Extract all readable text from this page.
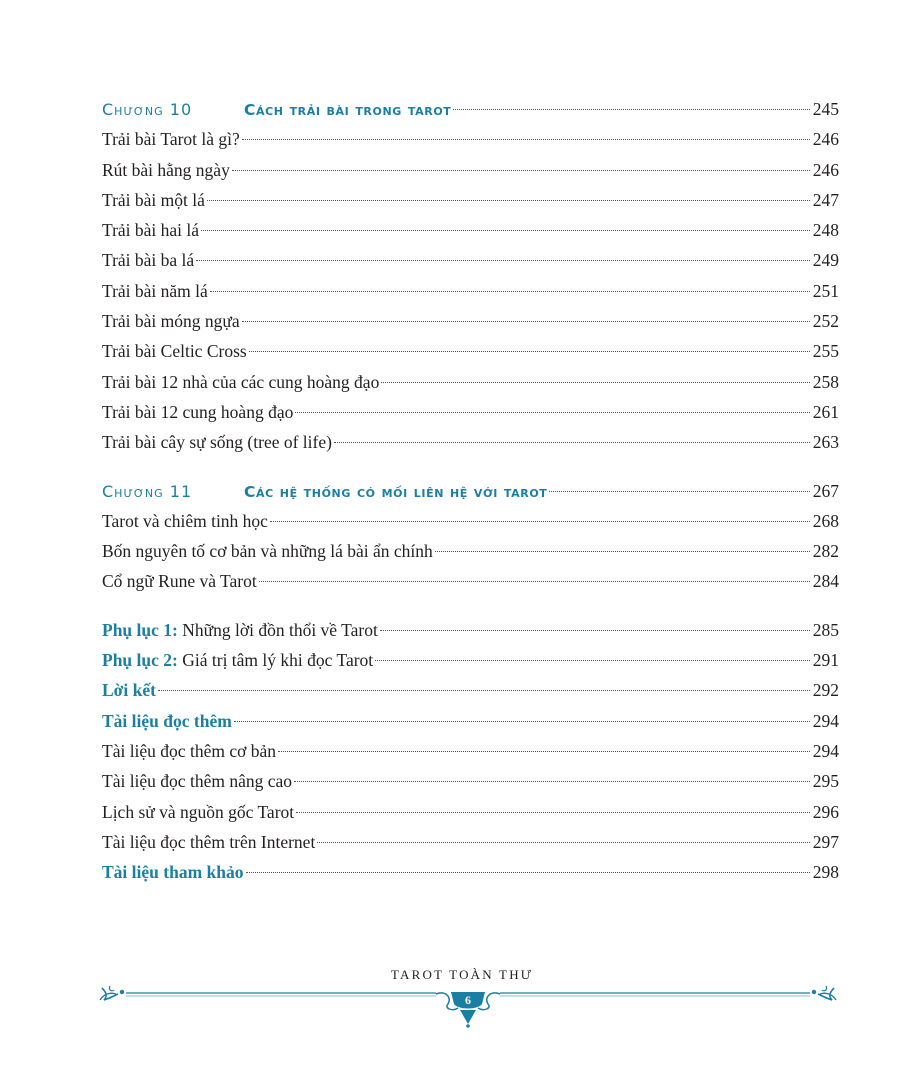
Chương 10	Cách trải bài trong tarot	245
Trải bài Tarot là gì?	246
Rút bài hằng ngày	246
Trải bài một lá	247
Trải bài hai lá	248
Trải bài ba lá	249
Trải bài năm lá	251
Trải bài móng ngựa	252
Trải bài Celtic Cross	255
Trải bài 12 nhà của các cung hoàng đạo	258
Trải bài 12 cung hoàng đạo	261
Trải bài cây sự sống (tree of life)	263
Chương 11	Các hệ thống có mối liên hệ với tarot	267
Tarot và chiêm tinh học	268
Bốn nguyên tố cơ bản và những lá bài ẩn chính	282
Cổ ngữ Rune và Tarot	284
Phụ lục 1: Những lời đồn thổi về Tarot	285
Phụ lục 2: Giá trị tâm lý khi đọc Tarot	291
Lời kết	292
Tài liệu đọc thêm	294
Tài liệu đọc thêm cơ bản	294
Tài liệu đọc thêm nâng cao	295
Lịch sử và nguồn gốc Tarot	296
Tài liệu đọc thêm trên Internet	297
Tài liệu tham khảo	298
TAROT TOÀN THƯ
6
